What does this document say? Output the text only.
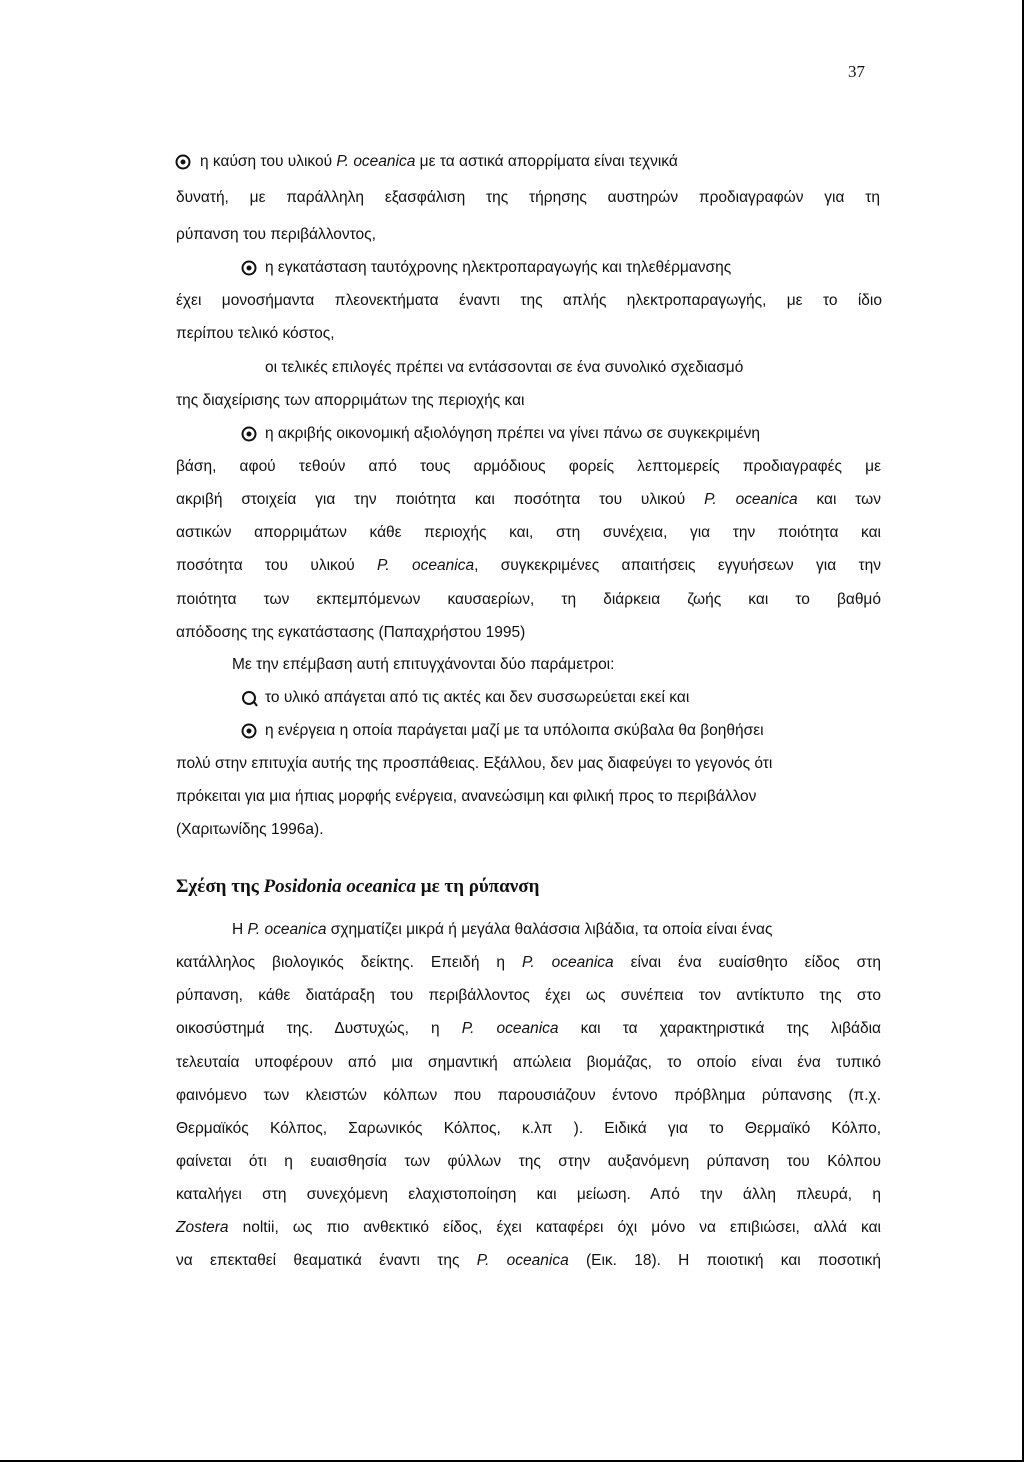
37
η καύση του υλικού P. oceanica με τα αστικά απορρίματα είναι τεχνικά
δυνατή, με παράλληλη εξασφάλιση της τήρησης αυστηρών προδιαγραφών για τη
ρύπανση του περιβάλλοντος,
η εγκατάσταση ταυτόχρονης ηλεκτροπαραγωγής και τηλεθέρμανσης
έχει μονοσήμαντα πλεονεκτήματα έναντι της απλής ηλεκτροπαραγωγής, με το ίδιο
περίπου τελικό κόστος,
οι τελικές επιλογές πρέπει να εντάσσονται σε ένα συνολικό σχεδιασμό
της διαχείρισης των απορριμάτων της περιοχής και
η ακριβής οικονομική αξιολόγηση πρέπει να γίνει πάνω σε συγκεκριμένη
βάση, αφού τεθούν από τους αρμόδιους φορείς λεπτομερείς προδιαγραφές με
ακριβή στοιχεία για την ποιότητα και ποσότητα του υλικού P. oceanica και των
αστικών απορριμάτων κάθε περιοχής και, στη συνέχεια, για την ποιότητα και
ποσότητα του υλικού P. oceanica, συγκεκριμένες απαιτήσεις εγγυήσεων για την
ποιότητα των εκπεμπόμενων καυσαερίων, τη διάρκεια ζωής και το βαθμό
απόδοσης της εγκατάστασης (Παπαχρήστου 1995)
Με την επέμβαση αυτή επιτυγχάνονται δύο παράμετροι:
το υλικό απάγεται από τις ακτές και δεν συσσωρεύεται εκεί και
η ενέργεια η οποία παράγεται μαζί με τα υπόλοιπα σκύβαλα θα βοηθήσει
πολύ στην επιτυχία αυτής της προσπάθειας. Εξάλλου, δεν μας διαφεύγει το γεγονός ότι
πρόκειται για μια ήπιας μορφής ενέργεια, ανανεώσιμη και φιλική προς το περιβάλλον
(Χαριτωνίδης 1996a).
Σχέση της Posidonia oceanica με τη ρύπανση
Η P. oceanica σχηματίζει μικρά ή μεγάλα θαλάσσια λιβάδια, τα οποία είναι ένας
κατάλληλος βιολογικός δείκτης. Επειδή η P. oceanica είναι ένα ευαίσθητο είδος στη
ρύπανση, κάθε διατάραξη του περιβάλλοντος έχει ως συνέπεια τον αντίκτυπο της στο
οικοσύστημά της. Δυστυχώς, η P. oceanica και τα χαρακτηριστικά της λιβάδια
τελευταία υποφέρουν από μια σημαντική απώλεια βιομάζας, το οποίο είναι ένα τυπικό
φαινόμενο των κλειστών κόλπων που παρουσιάζουν έντονο πρόβλημα ρύπανσης (π.χ.
Θερμαϊκός Κόλπος, Σαρωνικός Κόλπος, κ.λπ ). Ειδικά για το Θερμαϊκό Κόλπο,
φαίνεται ότι η ευαισθησία των φύλλων της στην αυξανόμενη ρύπανση του Κόλπου
καταλήγει στη συνεχόμενη ελαχιστοποίηση και μείωση. Από την άλλη πλευρά, η
Zostera noltii, ως πιο ανθεκτικό είδος, έχει καταφέρει όχι μόνο να επιβιώσει, αλλά και
να επεκταθεί θεαματικά έναντι της P. oceanica (Εικ. 18). Η ποιοτική και ποσοτική
